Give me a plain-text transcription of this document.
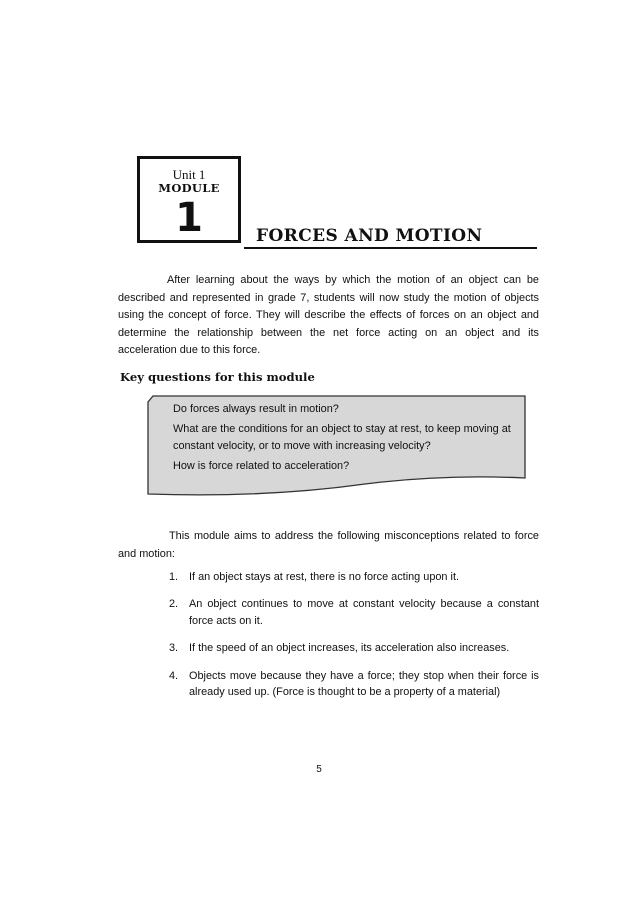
Unit 1
MODULE
1	FORCES AND MOTION

After learning about the ways by which the motion of an object can be described and represented in grade 7, students will now study the motion of objects using the concept of force. They will describe the effects of forces on an object and determine the relationship between the net force acting on an object and its acceleration due to this force.

Key questions for this module
Do forces always result in motion?
What are the conditions for an object to stay at rest, to keep moving at constant velocity, or to move with increasing velocity?
How is force related to acceleration?

This module aims to address the following misconceptions related to force and motion:

1. If an object stays at rest, there is no force acting upon it.
2. An object continues to move at constant velocity because a constant force acts on it.
3. If the speed of an object increases, its acceleration also increases.
4. Objects move because they have a force; they stop when their force is already used up. (Force is thought to be a property of a material)
5
